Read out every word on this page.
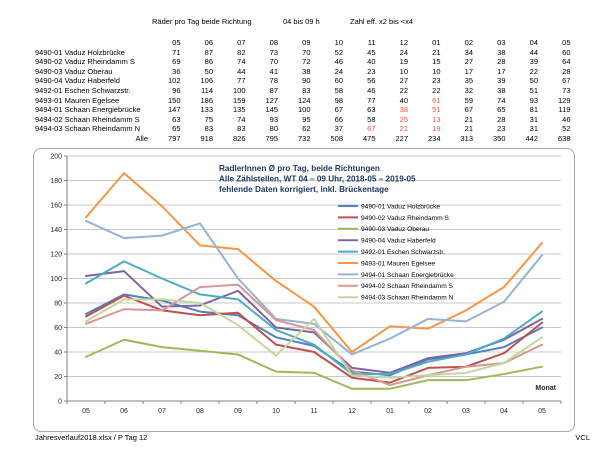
Räder pro Tag beide Richtung	04 bis 09 h	Zahl eff. x2 bis <x4
	05	06	07	08	09	10	11	12	01	02	03	04	05
9490-01 Vaduz Holzbrücke	71	87	82	73	70	52	45	24	21	34	38	44	60
9490-02 Vaduz Rheindamm S	69	86	74	70	72	46	40	19	15	27	28	39	64
9490-03 Vaduz Oberau	36	50	44	41	38	24	23	10	10	17	17	22	28
9490-04 Vaduz Haberfeld	102	106	77	78	90	60	56	27	23	35	39	50	67
9492-01 Eschen Schwarzstr.	96	114	100	87	83	58	46	22	22	32	38	51	73
9493-01 Mauren Egelsee	150	186	159	127	124	98	77	40	61	59	74	93	129
9494-01 Schaan Energiebrücke	147	133	135	145	100	67	63	38	51	67	65	81	119
9494-02 Schaan Rheindamm S	63	75	74	93	95	66	58	25	13	21	28	31	46
9494-03 Schaan Rheindamm N	65	83	83	80	62	37	67	21	19	21	23	31	52
Alle	797	918	826	795	732	508	475	227	234	313	350	442	638
0
20
40
60
80
100
120
140
160
180
200
05	06	07	08	09	10	11	12	01	02	03	04	05
RadlerInnen Ø pro Tag, beide Richtungen
Alle Zählstellen, WT 04 – 09 Uhr, 2018-05 – 2019-05
fehlende Daten korrigiert, inkl. Brückentage
9490-01 Vaduz Holzbrücke
9490-02 Vaduz Rheindamm S
9490-03 Vaduz Oberau
9490-04 Vaduz Haberfeld
9492-01 Eschen Schwarzstr.
9493-01 Mauren Egelsee
9494-01 Schaan Energiebrücke
9494-02 Schaan Rheindamm S
9494-03 Schaan Rheindamm N
Monat
Jahresverlauf2018.xlsx / P Tag 12	VCL
